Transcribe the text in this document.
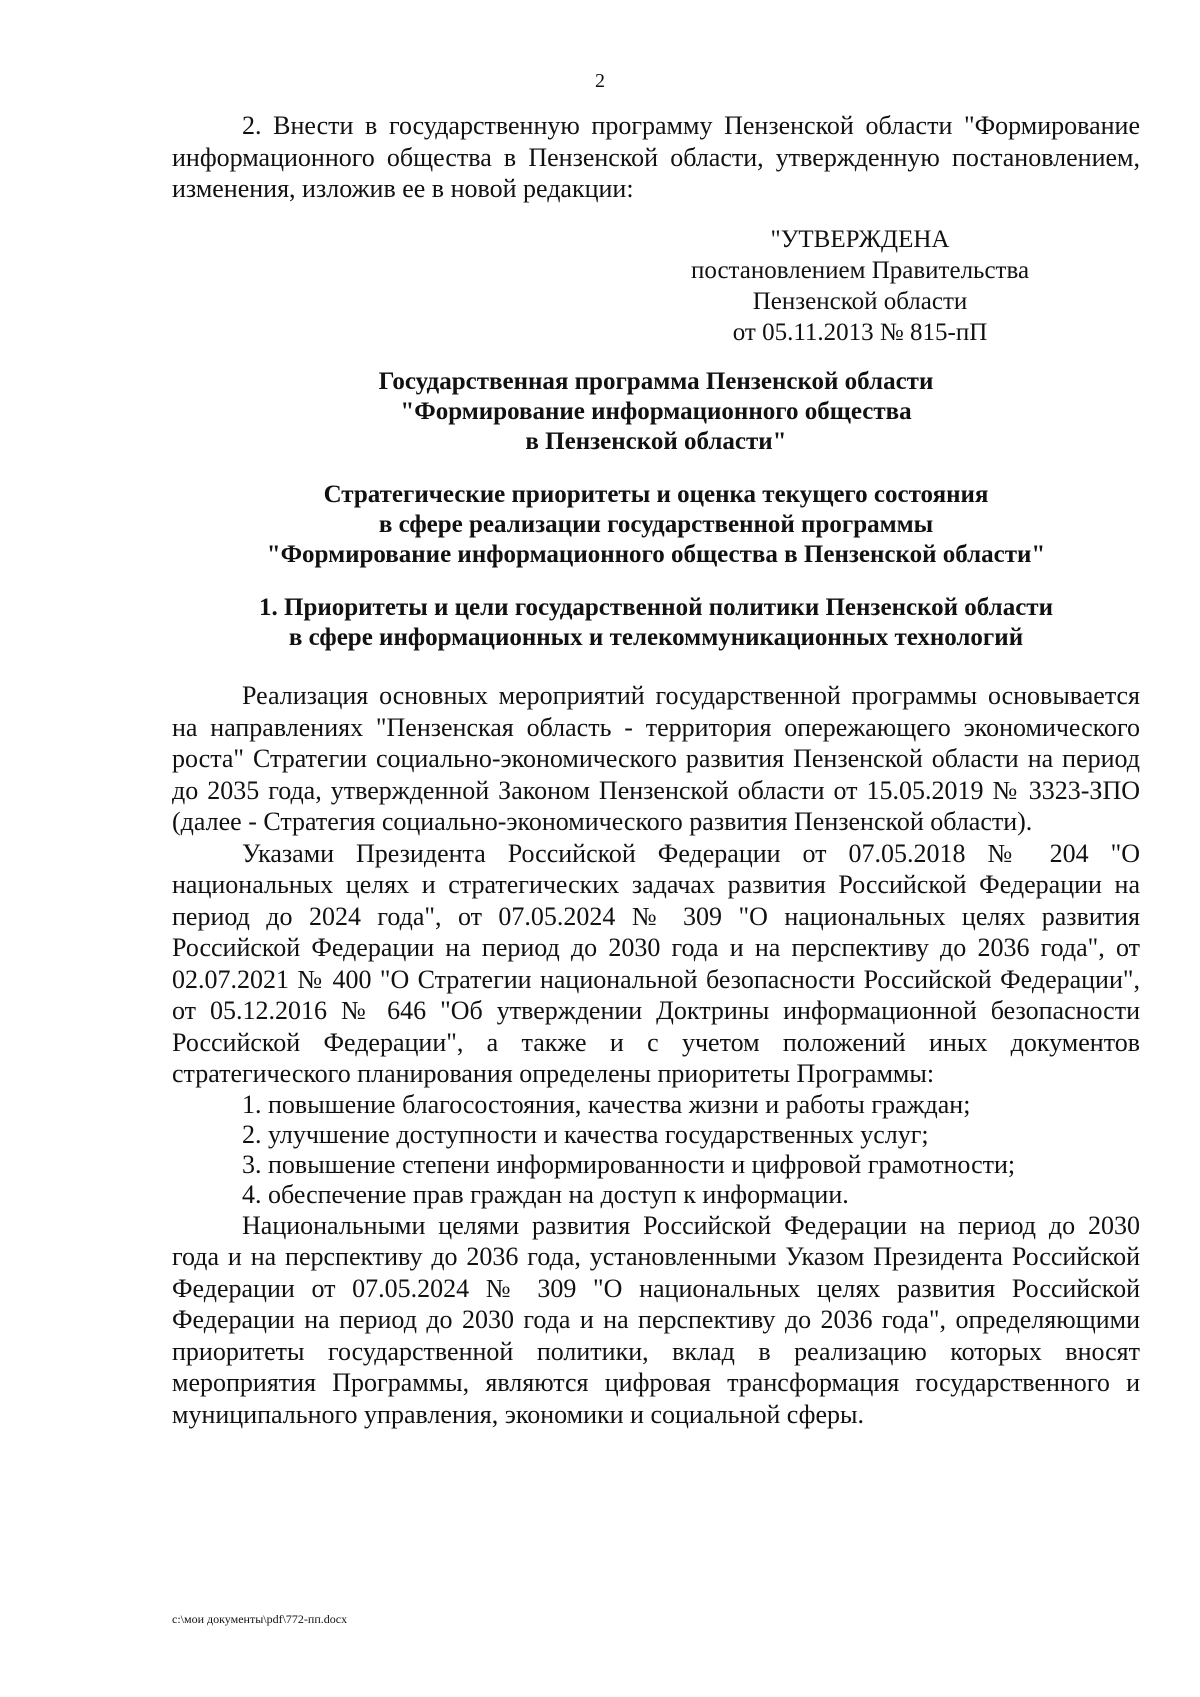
2

2. Внести в государственную программу Пензенской области "Формирование информационного общества в Пензенской области, утвержденную постановлением, изменения, изложив ее в новой редакции:

"УТВЕРЖДЕНА

постановлением Правительства

Пензенской области

от 05.11.2013 № 815-пП

Государственная программа Пензенской области

"Формирование информационного общества

в Пензенской области"

Стратегические приоритеты и оценка текущего состояния

в сфере реализации государственной программы

"Формирование информационного общества в Пензенской области"

1. Приоритеты и цели государственной политики Пензенской области

в сфере информационных и телекоммуникационных технологий

Реализация основных мероприятий государственной программы основывается на направлениях "Пензенская область - территория опережающего экономического роста" Стратегии социально-экономического развития Пензенской области на период до 2035 года, утвержденной Законом Пензенской области от 15.05.2019 № 3323-ЗПО (далее - Стратегия социально-экономического развития Пензенской области).

Указами Президента Российской Федерации от 07.05.2018 № 204 "О национальных целях и стратегических задачах развития Российской Федерации на период до 2024 года", от 07.05.2024 № 309 "О национальных целях развития Российской Федерации на период до 2030 года и на перспективу до 2036 года", от 02.07.2021 № 400 "О Стратегии национальной безопасности Российской Федерации", от 05.12.2016 № 646 "Об утверждении Доктрины информационной безопасности Российской Федерации", а также и с учетом положений иных документов стратегического планирования определены приоритеты Программы:

1. повышение благосостояния, качества жизни и работы граждан;

2. улучшение доступности и качества государственных услуг;

3. повышение степени информированности и цифровой грамотности;

4. обеспечение прав граждан на доступ к информации.

Национальными целями развития Российской Федерации на период до 2030 года и на перспективу до 2036 года, установленными Указом Президента Российской Федерации от 07.05.2024 № 309 "О национальных целях развития Российской Федерации на период до 2030 года и на перспективу до 2036 года", определяющими приоритеты государственной политики, вклад в реализацию которых вносят мероприятия Программы, являются цифровая трансформация государственного и муниципального управления, экономики и социальной сферы.

c:\мои документы\pdf\772-пп.docx
